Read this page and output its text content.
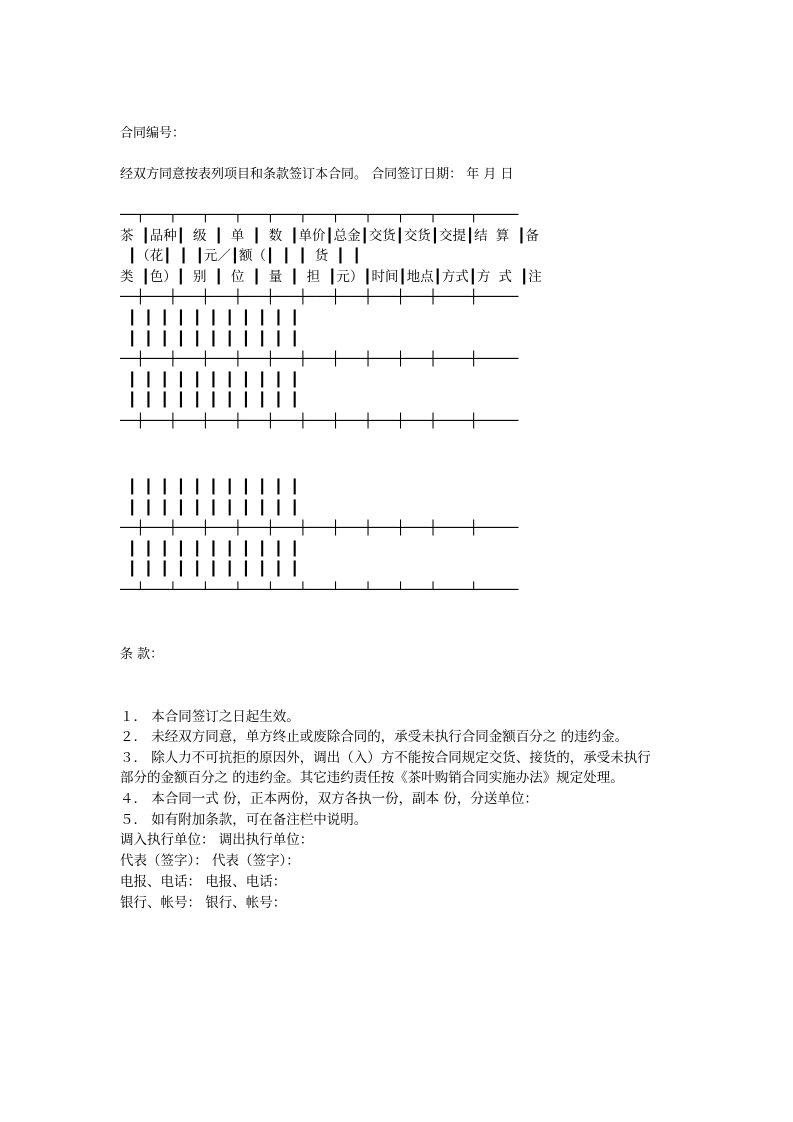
合同编号：
经双方同意按表列项目和条款签订本合同。 合同签订日期： 年 月 日
──┬───┬───┬───┬───┬───┬───┬───┬───┬───┬────┬─────
茶 ┃品种┃ 级 ┃ 单 ┃ 数 ┃单价┃总金┃交货┃交货┃交提┃结 算 ┃备
┃（花┃ ┃ ┃元／┃额（┃ ┃ ┃ 货 ┃ ┃
类 ┃色）┃ 别 ┃ 位 ┃ 量 ┃ 担 ┃元）┃时间┃地点┃方式┃方 式 ┃注
──┼───┼───┼───┼───┼───┼───┼───┼───┼───┼────┼─────
┃ ┃ ┃ ┃ ┃ ┃ ┃ ┃ ┃ ┃ ┃
┃ ┃ ┃ ┃ ┃ ┃ ┃ ┃ ┃ ┃ ┃
──┼───┼───┼───┼───┼───┼───┼───┼───┼───┼────┼─────
┃ ┃ ┃ ┃ ┃ ┃ ┃ ┃ ┃ ┃ ┃
┃ ┃ ┃ ┃ ┃ ┃ ┃ ┃ ┃ ┃ ┃
──┼───┼───┼───┼───┼───┼───┼───┼───┼───┼────┼─────
┃ ┃ ┃ ┃ ┃ ┃ ┃ ┃ ┃ ┃ ┃
┃ ┃ ┃ ┃ ┃ ┃ ┃ ┃ ┃ ┃ ┃
──┼───┼───┼───┼───┼───┼───┼───┼───┼───┼────┼─────
┃ ┃ ┃ ┃ ┃ ┃ ┃ ┃ ┃ ┃ ┃
┃ ┃ ┃ ┃ ┃ ┃ ┃ ┃ ┃ ┃ ┃
──┴───┴───┴───┴───┴───┴───┴───┴───┴───┴────┴─────
条 款：
１． 本合同签订之日起生效。
２． 未经双方同意，单方终止或废除合同的，承受未执行合同金额百分之 的违约金。
３． 除人力不可抗拒的原因外，调出（入）方不能按合同规定交货、接货的，承受未执行
部分的金额百分之 的违约金。其它违约责任按《茶叶购销合同实施办法》规定处理。
４． 本合同一式 份，正本两份，双方各执一份，副本 份，分送单位：
５． 如有附加条款，可在备注栏中说明。
调入执行单位： 调出执行单位：
代表（签字）： 代表（签字）：
电报、电话： 电报、电话：
银行、帐号： 银行、帐号：
